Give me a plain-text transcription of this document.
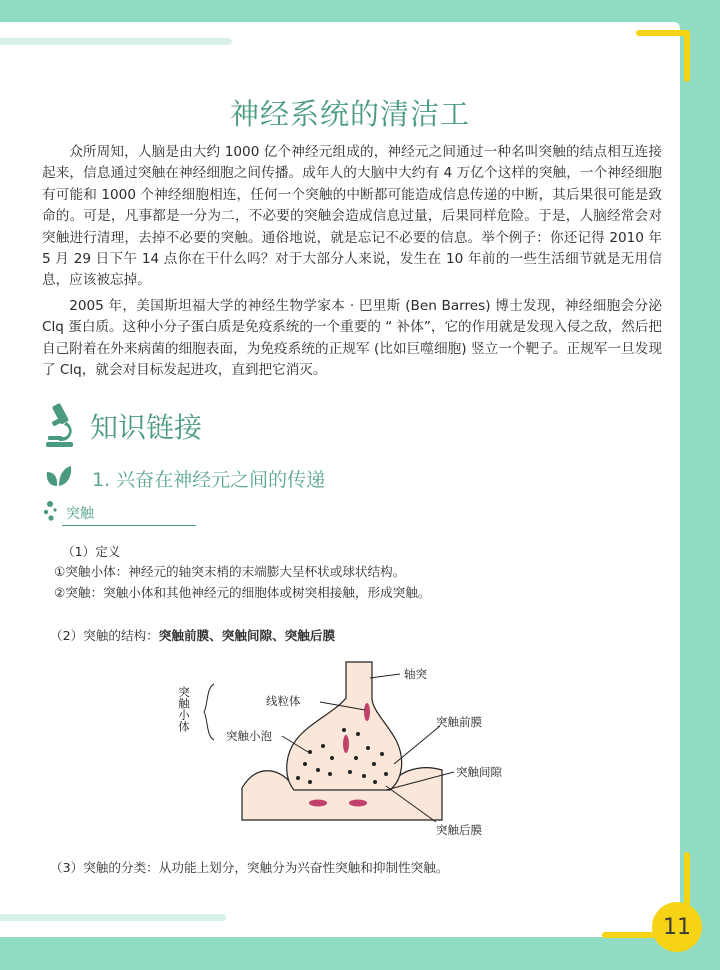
神经系统的清洁工

众所周知，人脑是由大约 1000 亿个神经元组成的，神经元之间通过一种名叫突触的结点相互连接起来，信息通过突触在神经细胞之间传播。成年人的大脑中大约有 4 万亿个这样的突触，一个神经细胞有可能和 1000 个神经细胞相连，任何一个突触的中断都可能造成信息传递的中断，其后果很可能是致命的。可是，凡事都是一分为二，不必要的突触会造成信息过量，后果同样危险。于是，人脑经常会对突触进行清理，去掉不必要的突触。通俗地说，就是忘记不必要的信息。举个例子：你还记得 2010 年 5 月 29 日下午 14 点你在干什么吗？对于大部分人来说，发生在 10 年前的一些生活细节就是无用信息，应该被忘掉。

2005 年，美国斯坦福大学的神经生物学家本 · 巴里斯 (Ben Barres) 博士发现，神经细胞会分泌 Clq 蛋白质。这种小分子蛋白质是免疫系统的一个重要的 “ 补体”，它的作用就是发现入侵之敌，然后把自己附着在外来病菌的细胞表面，为免疫系统的正规军 (比如巨噬细胞) 竖立一个靶子。正规军一旦发现了 Clq，就会对目标发起进攻，直到把它消灭。

知识链接
1. 兴奋在神经元之间的传递
突触
（1）定义
①突触小体：神经元的轴突末梢的末端膨大呈杯状或球状结构。
②突触：突触小体和其他神经元的细胞体或树突相接触，形成突触。
（2）突触的结构：突触前膜、突触间隙、突触后膜
轴突
线粒体
突触小泡
突触前膜
突触间隙
突触后膜
突触小体
（3）突触的分类：从功能上划分，突触分为兴奋性突触和抑制性突触。
11
